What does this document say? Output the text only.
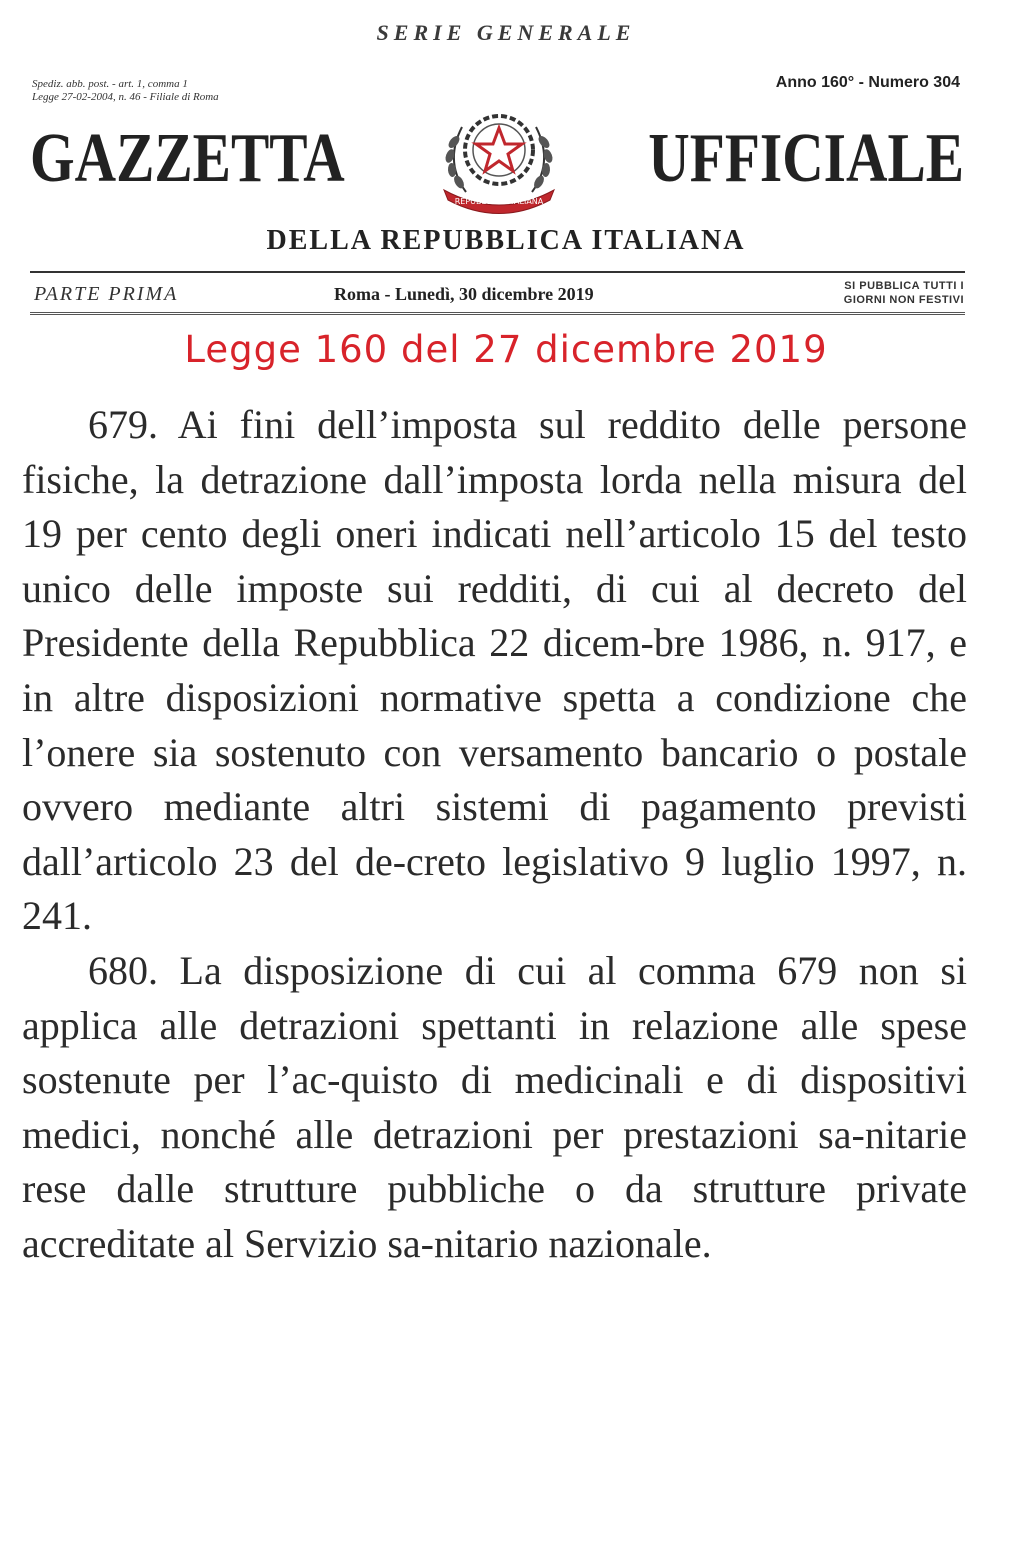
SERIE GENERALE
Spediz. abb. post. - art. 1, comma 1
Legge 27-02-2004, n. 46 - Filiale di Roma
Anno 160° - Numero 304
GAZZETTA	UFFICIALE
REPUBBLICA ITALIANA
DELLA REPUBBLICA ITALIANA
PARTE PRIMA	Roma - Lunedì, 30 dicembre 2019	SI PUBBLICA TUTTI I
GIORNI NON FESTIVI
Legge 160 del 27 dicembre 2019

679. Ai fini dell’imposta sul reddito delle persone fisiche, la detrazione dall’imposta lorda nella misura del 19 per cento degli oneri indicati nell’articolo 15 del testo unico delle imposte sui redditi, di cui al decreto del Presidente della Repubblica 22 dicem-bre 1986, n. 917, e in altre disposizioni normative spetta a condizione che l’onere sia sostenuto con versamento bancario o postale ovvero mediante altri sistemi di pagamento previsti dall’articolo 23 del de-creto legislativo 9 luglio 1997, n. 241.

680. La disposizione di cui al comma 679 non si applica alle detrazioni spettanti in relazione alle spese sostenute per l’ac-quisto di medicinali e di dispositivi medici, nonché alle detrazioni per prestazioni sa-nitarie rese dalle strutture pubbliche o da strutture private accreditate al Servizio sa-nitario nazionale.
